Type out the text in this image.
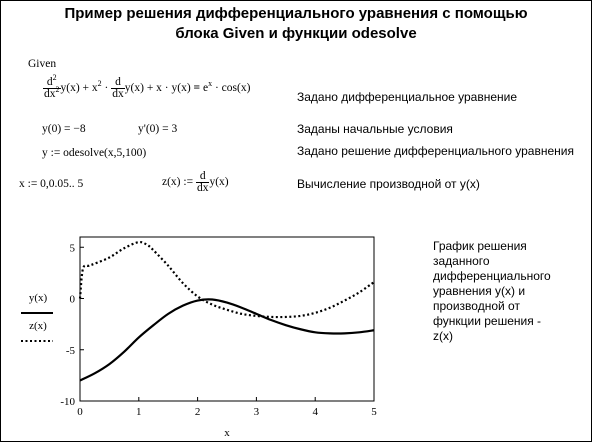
Пример решения дифференциального уравнения с помощью
блока Given и функции odesolve
Given
$\frac{d^2}{dx^2} y(x) + x^2 \cdot \frac{d}{dx} y(x) + x \cdot y(x) = e^x \cdot \cos(x)$
Задано дифференциальное уравнение
y(0) = −8	y'(0) = 3	Заданы начальные условия
y := odesolve(x,5,100)	Задано решение дифференциального уравнения
x := 0,0.05.. 5	z(x) := $\frac{d}{dx} y(x)$	Вычисление производной от y(x)
0	1	2	3	4	5
5
0
-5
-10
x
y(x)
z(x)
График решения заданного дифференциального уравнения y(x) и производной от функции решения - z(x)
